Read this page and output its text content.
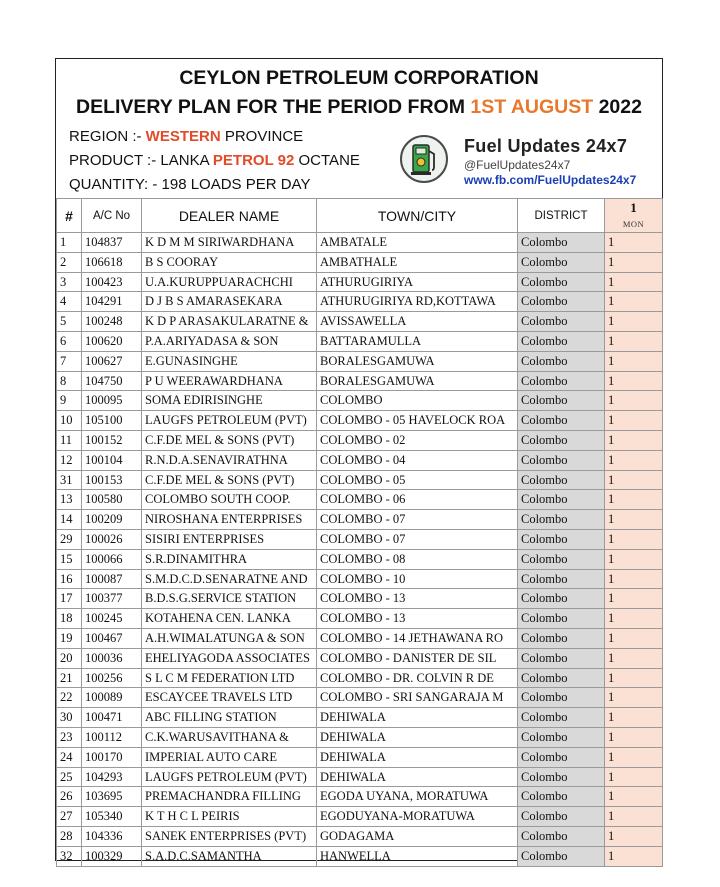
CEYLON PETROLEUM CORPORATION
DELIVERY PLAN FOR THE PERIOD FROM 1ST AUGUST 2022
REGION :- WESTERN PROVINCE
PRODUCT :- LANKA PETROL 92 OCTANE
QUANTITY: - 198 LOADS PER DAY
Fuel Updates 24x7
@FuelUpdates24x7
www.fb.com/FuelUpdates24x7
#	A/C No	DEALER NAME	TOWN/CITY	DISTRICT	1
MON

1	104837	K D M M SIRIWARDHANA	AMBATALE	Colombo	1
2	106618	B S COORAY	AMBATHALE	Colombo	1
3	100423	U.A.KURUPPUARACHCHI	ATHURUGIRIYA	Colombo	1
4	104291	D J B S AMARASEKARA	ATHURUGIRIYA RD,KOTTAWA	Colombo	1
5	100248	K D P ARASAKULARATNE &	AVISSAWELLA	Colombo	1
6	100620	P.A.ARIYADASA & SON	BATTARAMULLA	Colombo	1
7	100627	E.GUNASINGHE	BORALESGAMUWA	Colombo	1
8	104750	P U WEERAWARDHANA	BORALESGAMUWA	Colombo	1
9	100095	SOMA EDIRISINGHE	COLOMBO	Colombo	1
10	105100	LAUGFS PETROLEUM (PVT)	COLOMBO - 05 HAVELOCK ROA	Colombo	1
11	100152	C.F.DE MEL & SONS (PVT)	COLOMBO - 02	Colombo	1
12	100104	R.N.D.A.SENAVIRATHNA	COLOMBO - 04	Colombo	1
31	100153	C.F.DE MEL & SONS (PVT)	COLOMBO - 05	Colombo	1
13	100580	COLOMBO SOUTH COOP.	COLOMBO - 06	Colombo	1
14	100209	NIROSHANA ENTERPRISES	COLOMBO - 07	Colombo	1
29	100026	SISIRI ENTERPRISES	COLOMBO - 07	Colombo	1
15	100066	S.R.DINAMITHRA	COLOMBO - 08	Colombo	1
16	100087	S.M.D.C.D.SENARATNE AND	COLOMBO - 10	Colombo	1
17	100377	B.D.S.G.SERVICE STATION	COLOMBO - 13	Colombo	1
18	100245	KOTAHENA CEN. LANKA	COLOMBO - 13	Colombo	1
19	100467	A.H.WIMALATUNGA & SON	COLOMBO - 14 JETHAWANA RO	Colombo	1
20	100036	EHELIYAGODA ASSOCIATES	COLOMBO - DANISTER DE SIL	Colombo	1
21	100256	S L C M FEDERATION LTD	COLOMBO - DR. COLVIN R DE	Colombo	1
22	100089	ESCAYCEE TRAVELS LTD	COLOMBO - SRI SANGARAJA M	Colombo	1
30	100471	ABC FILLING STATION	DEHIWALA	Colombo	1
23	100112	C.K.WARUSAVITHANA &	DEHIWALA	Colombo	1
24	100170	IMPERIAL AUTO CARE	DEHIWALA	Colombo	1
25	104293	LAUGFS PETROLEUM (PVT)	DEHIWALA	Colombo	1
26	103695	PREMACHANDRA FILLING	EGODA UYANA, MORATUWA	Colombo	1
27	105340	K T H C L PEIRIS	EGODUYANA-MORATUWA	Colombo	1
28	104336	SANEK ENTERPRISES (PVT)	GODAGAMA	Colombo	1
32	100329	S.A.D.C.SAMANTHA	HANWELLA	Colombo	1
